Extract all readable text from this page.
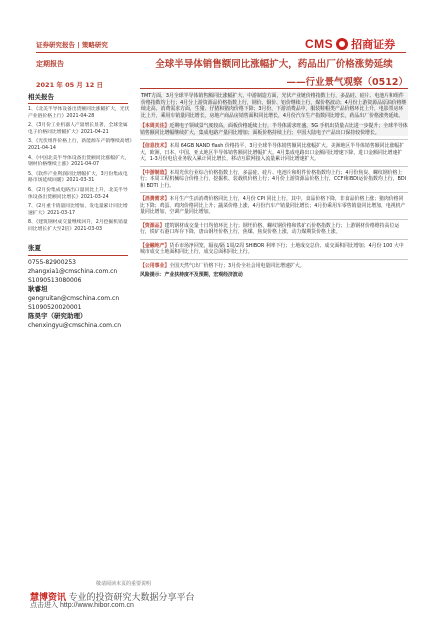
证券研究报告 | 策略研究	CMS 招商证券
定期报告
2021 年 05 月 12 日
全球半导体销售额同比涨幅扩大，药品出厂价格涨势延续
——行业景气观察（0512）
相关报告
1、《北美半导体设备出货额同比涨幅扩大，光伏产业链价格上行》2021-04-28
2、《3月份工业机器人产量增长显著，全球金属电子价格同比增幅扩大》2021-04-21
3、《光伏组件价格上行，新能源车产销继续高增》2021-04-14
4、《中国北美半导体设备出货额同比涨幅扩大，钢材价格继续上涨》2021-04-07
5、《软件产业利润同比增幅扩大，3月份集成电路市场延续回暖》2021-03-31
6、《2月份集成电路出口量同比上升，北美半导体设备出货额同比增长》2021-03-24
7、《2月重卡销量同比增加，发电量累计同比增速扩大》2021-03-17
8、《建筑钢材成交量继续回升，2月挖掘机销量同比增长扩大至2倍》2021-03-03
张夏
0755-82900253
zhangxia1@cmschina.com.cn
S1090513080006
耿睿坦
gengruitan@cmschina.com.cn
S1090520020001
陈昊宇（研究助理）
chenxingyu@cmschina.com.cn
TMT方面，3月全球半导体销售额同比涨幅扩大，中游制造方面，光伏产业链价格指数上行，多晶硅、硅片、电池片和组件价格指数均上行；4月分上游资源品价格指数上行，钢价、铜价、铝价继续上行，煤价格波动；4月份上游资源品原油价格继续走高，消费需求方面，生猪、仔猪和猪肉价格下降；3月份，下游消费品中，服装鞋帽类产品价格环比上升，电影票房环比上升，乘用车销量同比增长，房地产商品房销售面积同比增长，4月份汽车生产指数同比增长，药品出厂价格涨势延续。
【本周关注】近期电子领域景气度较高，面板价格延续上行，半导体需求旺盛，5G 手机出货量占比进一步提升；全球半导体销售额同比增幅继续扩大，集成电路产量同比增加；面板价格持续上行；中国大陆电子产品出口保持较快增长。
【信息技术】本周 64GB NAND flash 价格持平，3月全球半导体销售额同比涨幅扩大。美洲地区半导体销售额同比涨幅扩大，欧洲、日本、中国、亚太地区半导体销售额同比增幅扩大。4月集成电路出口金额同比增速下降，进口金额同比增速扩大，1-3月份电信业务收入累计同比增长，移动互联网接入流量累计同比增速扩大。
【中游制造】本周光伏行业综合价格指数上行，多晶硅、硅片、电池片和组件价格指数均上行；4月份焦炭、螺纹钢价格上行；本周工程机械综合价格上行，挖掘机、装载机价格上行；4月份上游资源品价格上行，CCFI和BDI运价指数均上行，BDI 和 BDTI 上行。
【消费需求】本月生产生活消费价格同比上行，4月份 CPI 同比上行，其中，食品价格下降，非食品价格上涨；猪肉价格同比下降；鸡蛋、鸡肉价格同比上升；蔬菜价格上涨，4月份汽车产销量同比增长；4月份乘用车零售销量同比增加，电视机产量同比增加，空调产量同比增加。
【资源品】建筑钢材成交量十日均值环比上行；钢坯价格、螺纹钢价格和铁矿石价格指数上行；上游钢材价格维持高位运行，铁矿石港口库存下降，唐山钢坯价格上行，焦煤、焦炭价格上涨，动力煤期货价格上涨。
【金融地产】货币市场净回笼，隔夜/隔 1周/2周 SHIBOR 利率下行；土地成交总价、成交面积同比增加；4月份 100 大中城市成交土地面积同比上行，成交总面积同比上行。
【公用事业】全国天然气出厂价格下行；3月份全社会用电量同比增速扩大。
风险提示：产业扶持度不及预期，宏观经济波动
敬请阅读末页的重要说明
慧博资讯 专业的投资研究大数据分享平台
点击进入 http://www.hibor.com.cn
